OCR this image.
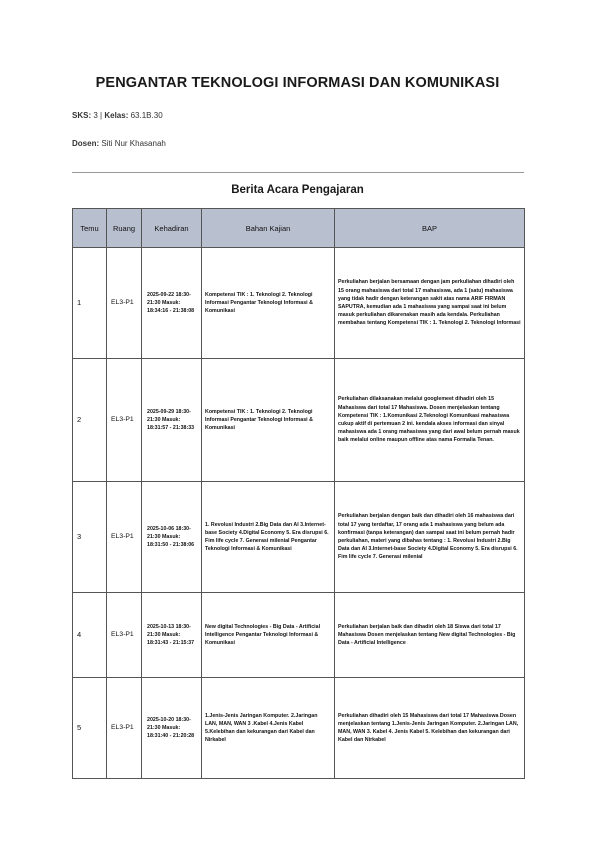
PENGANTAR TEKNOLOGI INFORMASI DAN KOMUNIKASI
SKS: 3 | Kelas: 63.1B.30
Dosen: Siti Nur Khasanah
Berita Acara Pengajaran
Temu	Ruang	Kehadiran	Bahan Kajian	BAP
1	EL3-P1	2025-09-22 18:30-21:30 Masuk: 18:34:16 - 21:38:08	Kompetensi TIK : 1. Teknologi 2. Teknologi Informasi Pengantar Teknologi Informasi & Komunikasi	Perkuliahan berjalan bersamaan dengan jam perkuliahan dihadiri oleh 15 orang mahasiswa dari total 17 mahasiswa, ada 1 (satu) mahasiswa yang tidak hadir dengan keterangan sakit atas nama ARIF FIRMAN SAPUTRA, kemudian ada 1 mahasiswa yang sampai saat ini belum masuk perkuliahan dikarenakan masih ada kendala. Perkuliahan membahas tentang Kompetensi TIK : 1. Teknologi 2. Teknologi Informasi
2	EL3-P1	2025-09-29 18:30-21:30 Masuk: 18:31:57 - 21:38:33	Kompetensi TIK : 1. Teknologi 2. Teknologi Informasi Pengantar Teknologi Informasi & Komunikasi	Perkuliahan dilaksanakan melalui googlemeet dihadiri oleh 15 Mahasiswa dari total 17 Mahasiswa. Dosen menjelaskan tentang Kompetensi TIK : 1.Komunikasi 2.Teknologi Komunikasi mahasiswa cukup aktif di pertemuan 2 ini. kendala akses informasi dan sinyal mahasiswa ada 1 orang mahasiswa yang dari awal belum pernah masuk baik melalui online maupun offline atas nama Formalia Tenan.
3	EL3-P1	2025-10-06 18:30-21:30 Masuk: 18:31:50 - 21:38:06	1. Revolusi Industri 2.Big Data dan AI 3.Internet-base Society 4.Digital Economy 5. Era disrupsi 6. Fim life cycle 7. Generasi milenial Pengantar Teknologi Informasi & Komunikasi	Perkuliahan berjalan dengan baik dan dihadiri oleh 16 mahasiswa dari total 17 yang terdaftar, 17 orang ada 1 mahasiswa yang belum ada konfirmasi (tanpa keterangan) dan sampai saat ini belum pernah hadir perkuliahan, materi yang dibahas tentang : 1. Revolusi Industri 2.Big Data dan AI 3.Internet-base Society 4.Digital Economy 5. Era disrupsi 6. Fim life cycle 7. Generasi milenial
4	EL3-P1	2025-10-13 18:30-21:30 Masuk: 18:31:43 - 21:15:37	New digital Technologies - Big Data - Artificial Intelligence Pengantar Teknologi Informasi & Komunikasi	Perkuliahan berjalan baik dan dihadiri oleh 18 Siswa dari total 17 Mahasiswa Dosen menjelaskan tentang New digital Technologies - Big Data - Artificial Intelligence
5	EL3-P1	2025-10-20 18:30-21:30 Masuk: 18:31:40 - 21:20:28	1.Jenis-Jenis Jaringan Komputer. 2.Jaringan LAN, MAN, WAN 3 .Kabel 4.Jenis Kabel 5.Kelebihan dan kekurangan dari Kabel dan Nirkabel	Perkuliahan dihadiri oleh 15 Mahasiswa dari total 17 Mahasiswa Dosen menjelaskan tentang 1.Jenis-Jenis Jaringan Komputer. 2.Jaringan LAN, MAN, WAN 3. Kabel 4. Jenis Kabel 5. Kelebihan dan kekurangan dari Kabel dan Nirkabel
